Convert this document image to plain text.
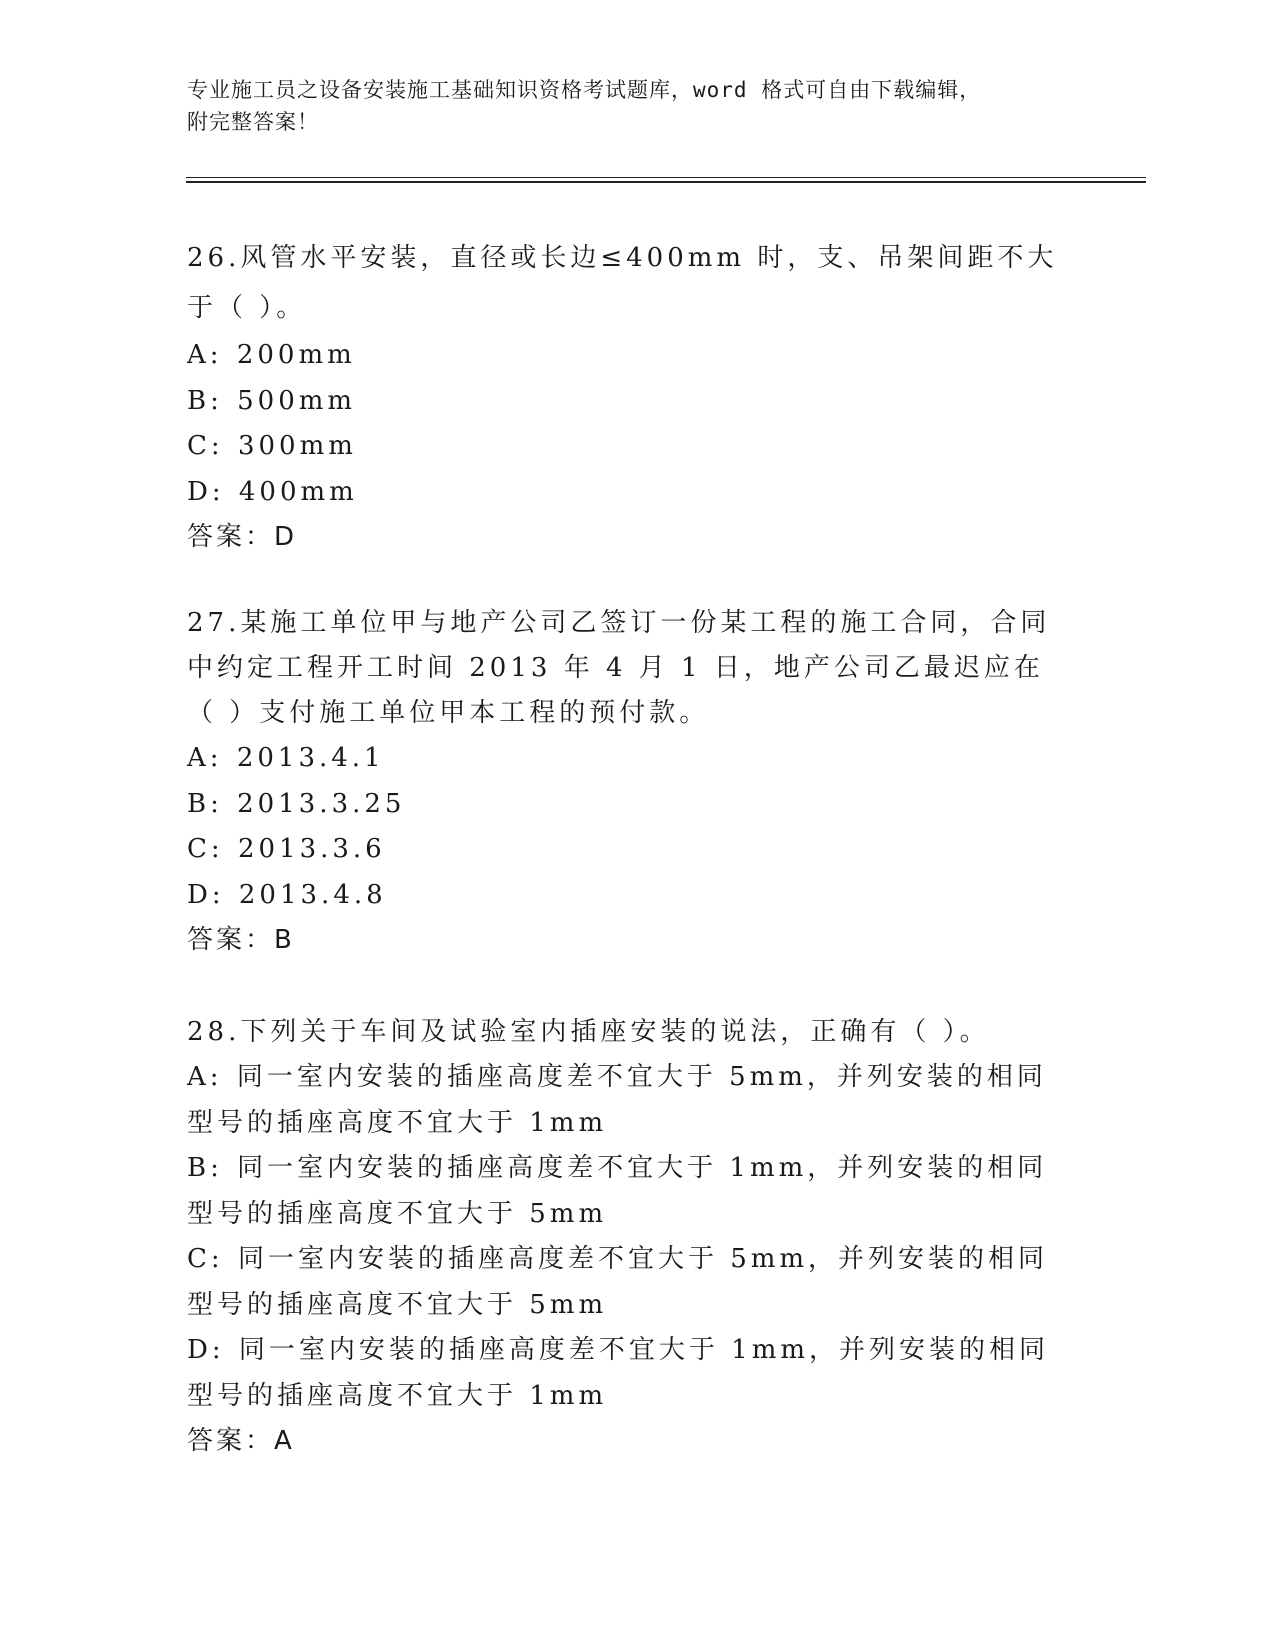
专业施工员之设备安装施工基础知识资格考试题库，word 格式可自由下载编辑，
附完整答案！

26.风管水平安装，直径或长边≤400mm 时，支、吊架间距不大于（ ）。

A: 200mm

B: 500mm

C: 300mm

D: 400mm

答案：D

27.某施工单位甲与地产公司乙签订一份某工程的施工合同，合同中约定工程开工时间 2013 年 4 月 1 日，地产公司乙最迟应在（ ）支付施工单位甲本工程的预付款。

A: 2013.4.1

B: 2013.3.25

C: 2013.3.6

D: 2013.4.8

答案：B

28.下列关于车间及试验室内插座安装的说法，正确有（ ）。

A: 同一室内安装的插座高度差不宜大于 5mm，并列安装的相同型号的插座高度不宜大于 1mm

B: 同一室内安装的插座高度差不宜大于 1mm，并列安装的相同型号的插座高度不宜大于 5mm

C: 同一室内安装的插座高度差不宜大于 5mm，并列安装的相同型号的插座高度不宜大于 5mm

D: 同一室内安装的插座高度差不宜大于 1mm，并列安装的相同型号的插座高度不宜大于 1mm

答案：A
